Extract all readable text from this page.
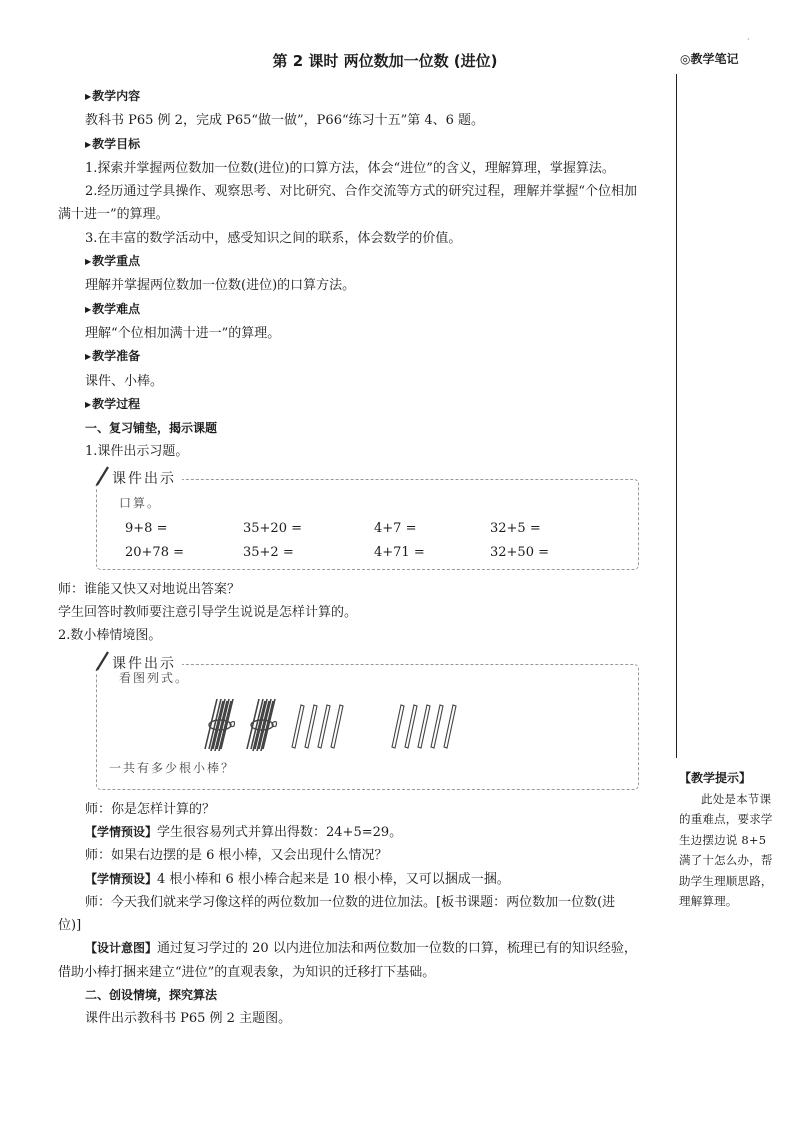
·
第 2 课时 两位数加一位数 (进位)	◎教学笔记
▶教学内容
教科书 P65 例 2，完成 P65“做一做”，P66“练习十五”第 4、6 题。
▶教学目标
1.探索并掌握两位数加一位数(进位)的口算方法，体会“进位”的含义，理解算理，掌握算法。
2.经历通过学具操作、观察思考、对比研究、合作交流等方式的研究过程，理解并掌握“个位相加
满十进一”的算理。
3.在丰富的数学活动中，感受知识之间的联系，体会数学的价值。
▶教学重点
理解并掌握两位数加一位数(进位)的口算方法。
▶教学难点
理解“个位相加满十进一”的算理。
▶教学准备
课件、小棒。
▶教学过程
一、复习铺垫，揭示课题
1.课件出示习题。
课件出示
口算。
9+8 =	35+20 =	4+7 =	32+5 =
20+78 =	35+2 =	4+71 =	32+50 =
师：谁能又快又对地说出答案？
学生回答时教师要注意引导学生说说是怎样计算的。
2.数小棒情境图。
课件出示
看图列式。
一共有多少根小棒？
师：你是怎样计算的？
【学情预设】学生很容易列式并算出得数：24+5=29。
师：如果右边摆的是 6 根小棒，又会出现什么情况？
【学情预设】4 根小棒和 6 根小棒合起来是 10 根小棒，又可以捆成一捆。
师：今天我们就来学习像这样的两位数加一位数的进位加法。[板书课题：两位数加一位数(进
位)]
【设计意图】通过复习学过的 20 以内进位加法和两位数加一位数的口算，梳理已有的知识经验，
借助小棒打捆来建立“进位”的直观表象，为知识的迁移打下基础。
二、创设情境，探究算法
课件出示教科书 P65 例 2 主题图。
【教学提示】
此处是本节课的重难点，要求学生边摆边说 8+5 满了十怎么办，帮助学生理顺思路，理解算理。
